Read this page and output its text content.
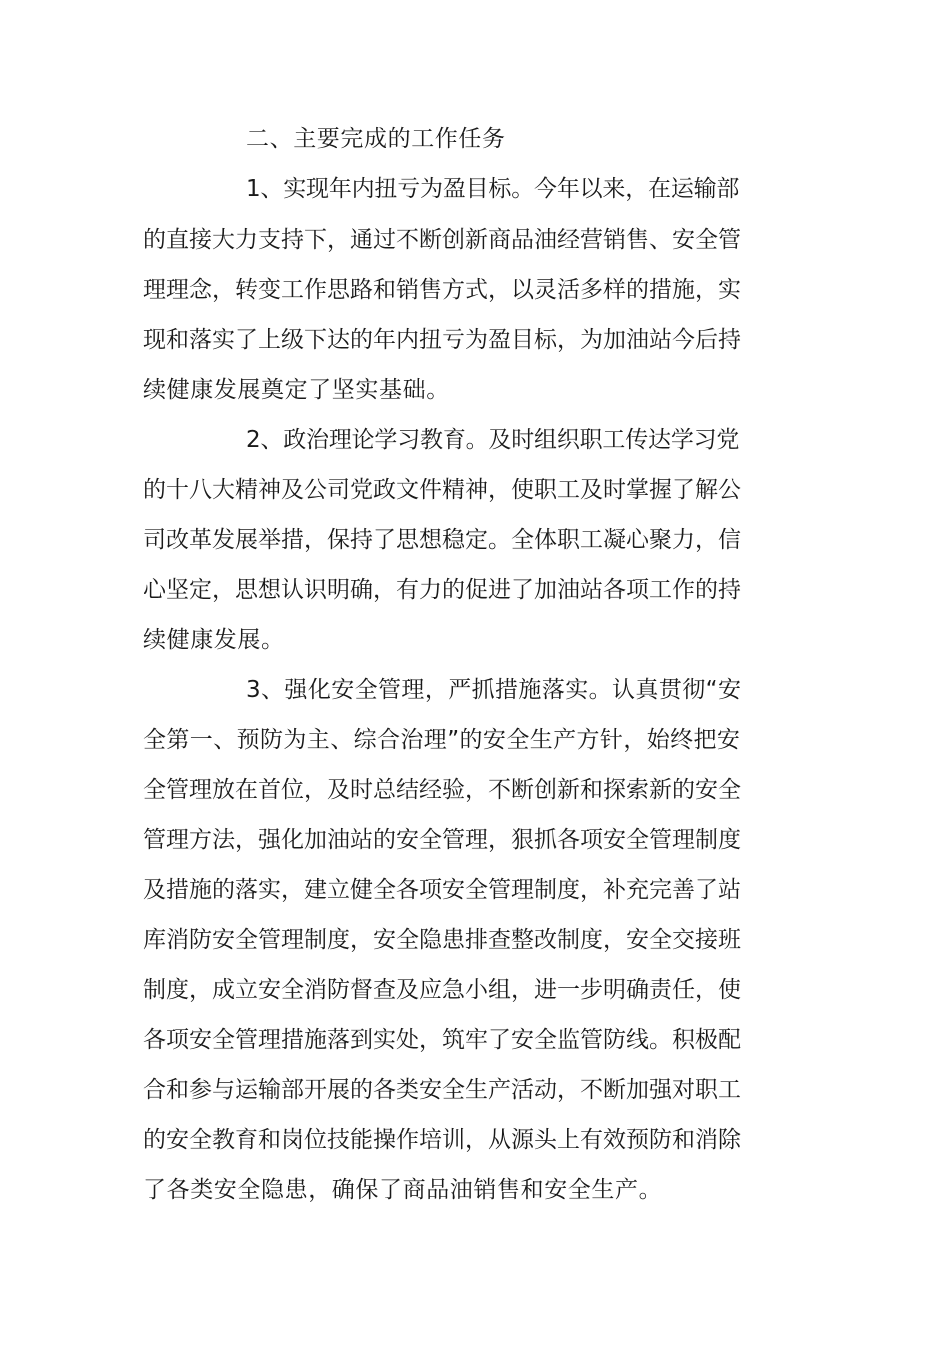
二、主要完成的工作任务
1、实现年内扭亏为盈目标。今年以来，在运输部
的直接大力支持下，通过不断创新商品油经营销售、安全管
理理念，转变工作思路和销售方式，以灵活多样的措施，实
现和落实了上级下达的年内扭亏为盈目标，为加油站今后持
续健康发展奠定了坚实基础。
2、政治理论学习教育。及时组织职工传达学习党
的十八大精神及公司党政文件精神，使职工及时掌握了解公
司改革发展举措，保持了思想稳定。全体职工凝心聚力，信
心坚定，思想认识明确，有力的促进了加油站各项工作的持
续健康发展。
3、强化安全管理，严抓措施落实。认真贯彻“安
全第一、预防为主、综合治理”的安全生产方针，始终把安
全管理放在首位，及时总结经验，不断创新和探索新的安全
管理方法，强化加油站的安全管理，狠抓各项安全管理制度
及措施的落实，建立健全各项安全管理制度，补充完善了站
库消防安全管理制度，安全隐患排查整改制度，安全交接班
制度，成立安全消防督查及应急小组，进一步明确责任，使
各项安全管理措施落到实处，筑牢了安全监管防线。积极配
合和参与运输部开展的各类安全生产活动，不断加强对职工
的安全教育和岗位技能操作培训，从源头上有效预防和消除
了各类安全隐患，确保了商品油销售和安全生产。
